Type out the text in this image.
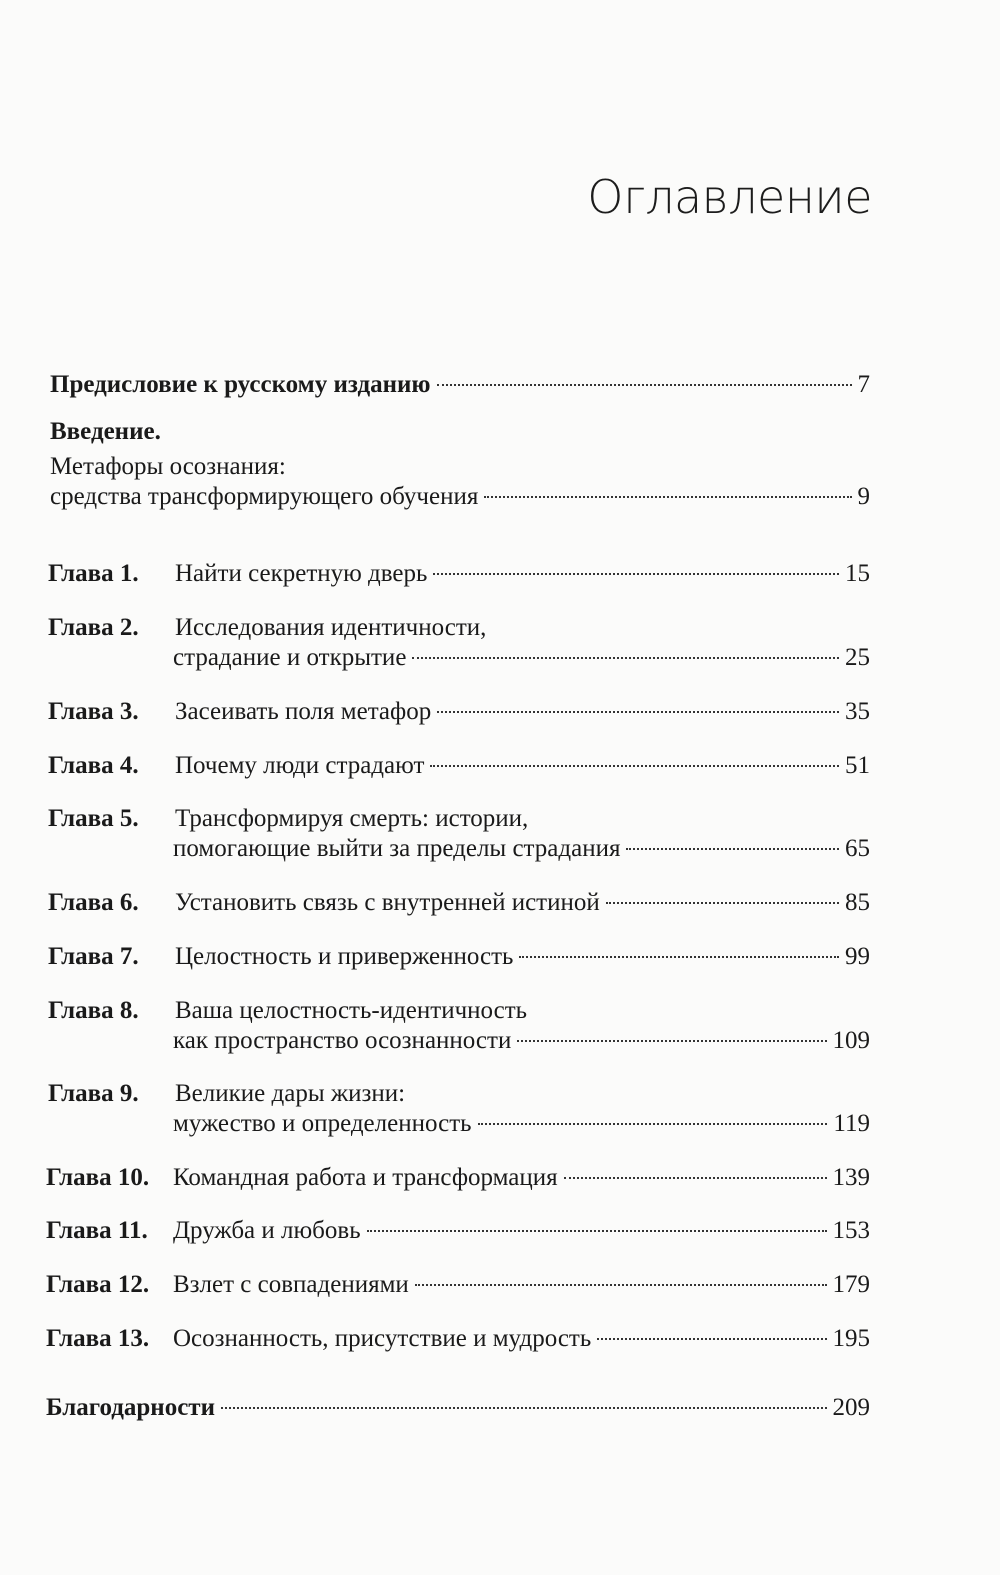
Оглавление
Предисловие к русскому изданию	7
Введение.
Метафоры осознания:
средства трансформирующего обучения	9
Глава 1.	Найти секретную дверь	15
Глава 2.	Исследования идентичности,
страдание и открытие	25
Глава 3.	Засеивать поля метафор	35
Глава 4.	Почему люди страдают	51
Глава 5.	Трансформируя смерть: истории,
помогающие выйти за пределы страдания	65
Глава 6.	Установить связь с внутренней истиной	85
Глава 7.	Целостность и приверженность	99
Глава 8.	Ваша целостность-идентичность
как пространство осознанности	109
Глава 9.	Великие дары жизни:
мужество и определенность	119
Глава 10. Командная работа и трансформация	139
Глава 11.	Дружба и любовь	153
Глава 12. Взлет с совпадениями	179
Глава 13. Осознанность, присутствие и мудрость	195
Благодарности	209
